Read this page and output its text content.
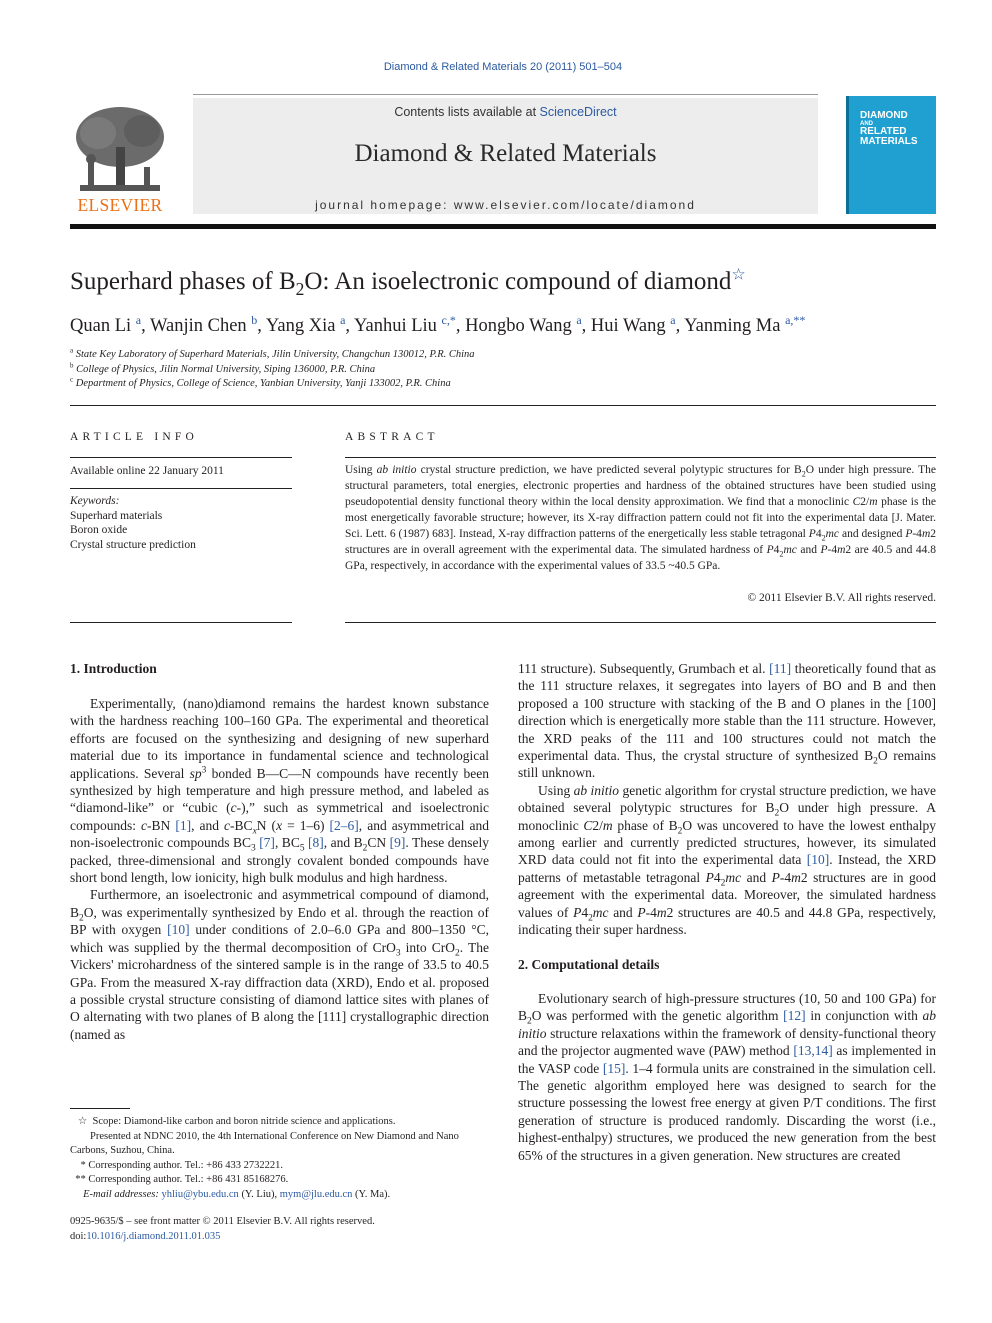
Diamond & Related Materials 20 (2011) 501–504
Contents lists available at ScienceDirect
Diamond & Related Materials
journal homepage: www.elsevier.com/locate/diamond
ELSEVIER
DIAMOND
AND
RELATED
MATERIALS
Superhard phases of $B_2O$: An isoelectronic compound of diamond☆
Quan Li $^a$, Wanjin Chen $^b$, Yang Xia $^a$, Yanhui Liu $^{c,*}$, Hongbo Wang $^a$, Hui Wang $^a$, Yanming Ma $^{a,**}$
$^a$ State Key Laboratory of Superhard Materials, Jilin University, Changchun 130012, P.R. China
$^b$ College of Physics, Jilin Normal University, Siping 136000, P.R. China
$^c$ Department of Physics, College of Science, Yanbian University, Yanji 133002, P.R. China
ARTICLE INFO
Available online 22 January 2011
Keywords:
Superhard materials
Boron oxide
Crystal structure prediction
ABSTRACT
Using ab initio crystal structure prediction, we have predicted several polytypic structures for $B_2O$ under high pressure. The structural parameters, total energies, electronic properties and hardness of the obtained structures have been studied using pseudopotential density functional theory within the local density approximation. We find that a monoclinic C2/m phase is the most energetically favorable structure; however, its X-ray diffraction pattern could not fit into the experimental data [J. Mater. Sci. Lett. 6 (1987) 683]. Instead, X-ray diffraction patterns of the energetically less stable tetragonal $P4_2mc$ and designed P-4m2 structures are in overall agreement with the experimental data. The simulated hardness of $P4_2mc$ and P-4m2 are 40.5 and 44.8 GPa, respectively, in accordance with the experimental values of 33.5 ~40.5 GPa.
© 2011 Elsevier B.V. All rights reserved.
1. Introduction

Experimentally, (nano)diamond remains the hardest known substance with the hardness reaching 100–160 GPa. The experimental and theoretical efforts are focused on the synthesizing and designing of new superhard material due to its importance in fundamental science and technological applications. Several $sp^3$ bonded B—C—N compounds have recently been synthesized by high temperature and high pressure method, and labeled as “diamond-like” or “cubic (c-),” such as symmetrical and isoelectronic compounds: c-BN [1], and $c-BC_xN$ (x = 1–6) [2–6], and asymmetrical and non-isoelectronic compounds $BC_3$ [7], $BC_5$ [8], and $B_2CN$ [9]. These densely packed, three-dimensional and strongly covalent bonded compounds have short bond length, low ionicity, high bulk modulus and high hardness.

Furthermore, an isoelectronic and asymmetrical compound of diamond, $B_2O$, was experimentally synthesized by Endo et al. through the reaction of BP with oxygen [10] under conditions of 2.0–6.0 GPa and 800–1350 °C, which was supplied by the thermal decomposition of CrO$_3$ into CrO$_2$. The Vickers' microhardness of the sintered sample is in the range of 33.5 to 40.5 GPa. From the measured X-ray diffraction data (XRD), Endo et al. proposed a possible crystal structure consisting of diamond lattice sites with planes of O alternating with two planes of B along the [111] crystallographic direction (named as

☆  Scope: Diamond-like carbon and boron nitride science and applications.
Presented at NDNC 2010, the 4th International Conference on New Diamond and Nano Carbons, Suzhou, China.
* Corresponding author. Tel.: +86 433 2732221.
** Corresponding author. Tel.: +86 431 85168276.
E-mail addresses: yhliu@ybu.edu.cn (Y. Liu), mym@jlu.edu.cn (Y. Ma).
0925-9635/$ – see front matter © 2011 Elsevier B.V. All rights reserved.
doi:10.1016/j.diamond.2011.01.035

111 structure). Subsequently, Grumbach et al. [11] theoretically found that as the 111 structure relaxes, it segregates into layers of BO and B and then proposed a 100 structure with stacking of the B and O planes in the [100] direction which is energetically more stable than the 111 structure. However, the XRD peaks of the 111 and 100 structures could not match the experimental data. Thus, the crystal structure of synthesized $B_2O$ remains still unknown.

Using ab initio genetic algorithm for crystal structure prediction, we have obtained several polytypic structures for $B_2O$ under high pressure. A monoclinic C2/m phase of $B_2O$ was uncovered to have the lowest enthalpy among earlier and currently predicted structures, however, its simulated XRD data could not fit into the experimental data [10]. Instead, the XRD patterns of metastable tetragonal $P4_2mc$ and P-4m2 structures are in good agreement with the experimental data. Moreover, the simulated hardness values of $P4_2mc$ and P-4m2 structures are 40.5 and 44.8 GPa, respectively, indicating their super hardness.

2. Computational details

Evolutionary search of high-pressure structures (10, 50 and 100 GPa) for $B_2O$ was performed with the genetic algorithm [12] in conjunction with ab initio structure relaxations within the framework of density-functional theory and the projector augmented wave (PAW) method [13,14] as implemented in the VASP code [15]. 1–4 formula units are constrained in the simulation cell. The genetic algorithm employed here was designed to search for the structure possessing the lowest free energy at given P/T conditions. The first generation of structure is produced randomly. Discarding the worst (i.e., highest-enthalpy) structures, we produced the new generation from the best 65% of the structures in a given generation. New structures are created
